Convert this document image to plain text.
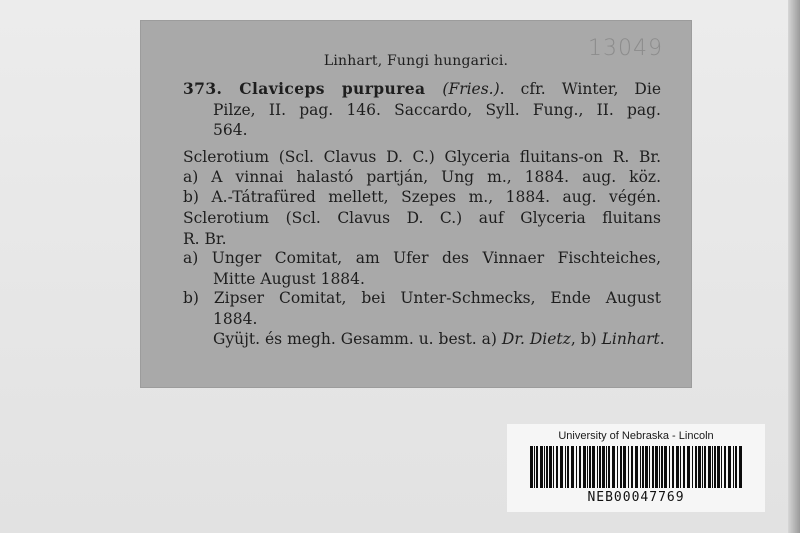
Linhart, Fungi hungarici.	13049
373. Claviceps purpurea (Fries.). cfr. Winter, Die
Pilze, II. pag. 146. Saccardo, Syll. Fung., II. pag.
564.
Sclerotium (Scl. Clavus D. C.) Glyceria fluitans-on R. Br.
a) A vinnai halastó partján, Ung m., 1884. aug. köz.
b) A.-Tátrafüred mellett, Szepes m., 1884. aug. végén.
Sclerotium (Scl. Clavus D. C.) auf Glyceria fluitans
R. Br.
a) Unger Comitat, am Ufer des Vinnaer Fischteiches,
Mitte August 1884.
b) Zipser Comitat, bei Unter-Schmecks, Ende August
1884.
Gyüjt. és megh. Gesamm. u. best. a) Dr. Dietz, b) Linhart.
University of Nebraska - Lincoln
NEB00047769
